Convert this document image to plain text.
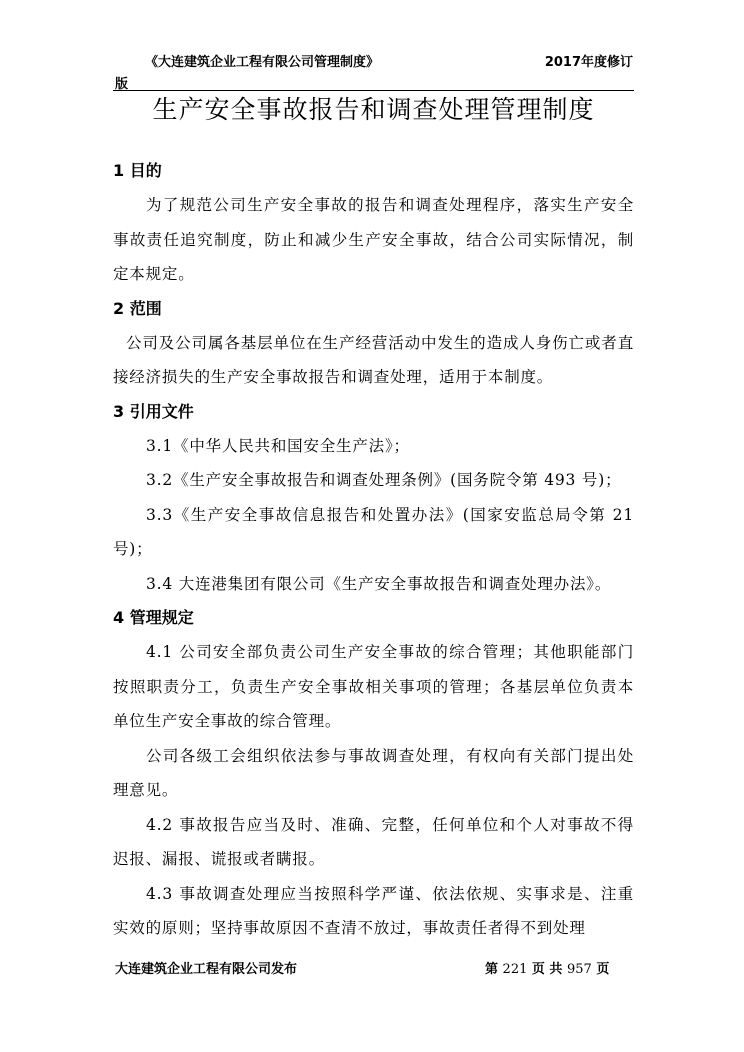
《大连建筑企业工程有限公司管理制度》	2017年度修订
版
生产安全事故报告和调查处理管理制度

1 目的

为了规范公司生产安全事故的报告和调查处理程序，落实生产安全事故责任追究制度，防止和减少生产安全事故，结合公司实际情况，制定本规定。

2 范围

公司及公司属各基层单位在生产经营活动中发生的造成人身伤亡或者直接经济损失的生产安全事故报告和调查处理，适用于本制度。

3 引用文件

3.1《中华人民共和国安全生产法》；

3.2《生产安全事故报告和调查处理条例》(国务院令第 493 号)；

3.3《生产安全事故信息报告和处置办法》(国家安监总局令第 21 号)；

3.4 大连港集团有限公司《生产安全事故报告和调查处理办法》。

4 管理规定

4.1 公司安全部负责公司生产安全事故的综合管理；其他职能部门按照职责分工，负责生产安全事故相关事项的管理；各基层单位负责本单位生产安全事故的综合管理。

公司各级工会组织依法参与事故调查处理，有权向有关部门提出处理意见。

4.2 事故报告应当及时、准确、完整，任何单位和个人对事故不得迟报、漏报、谎报或者瞒报。

4.3 事故调查处理应当按照科学严谨、依法依规、实事求是、注重实效的原则；坚持事故原因不查清不放过，事故责任者得不到处理

大连建筑企业工程有限公司发布	第 221 页 共 957 页
